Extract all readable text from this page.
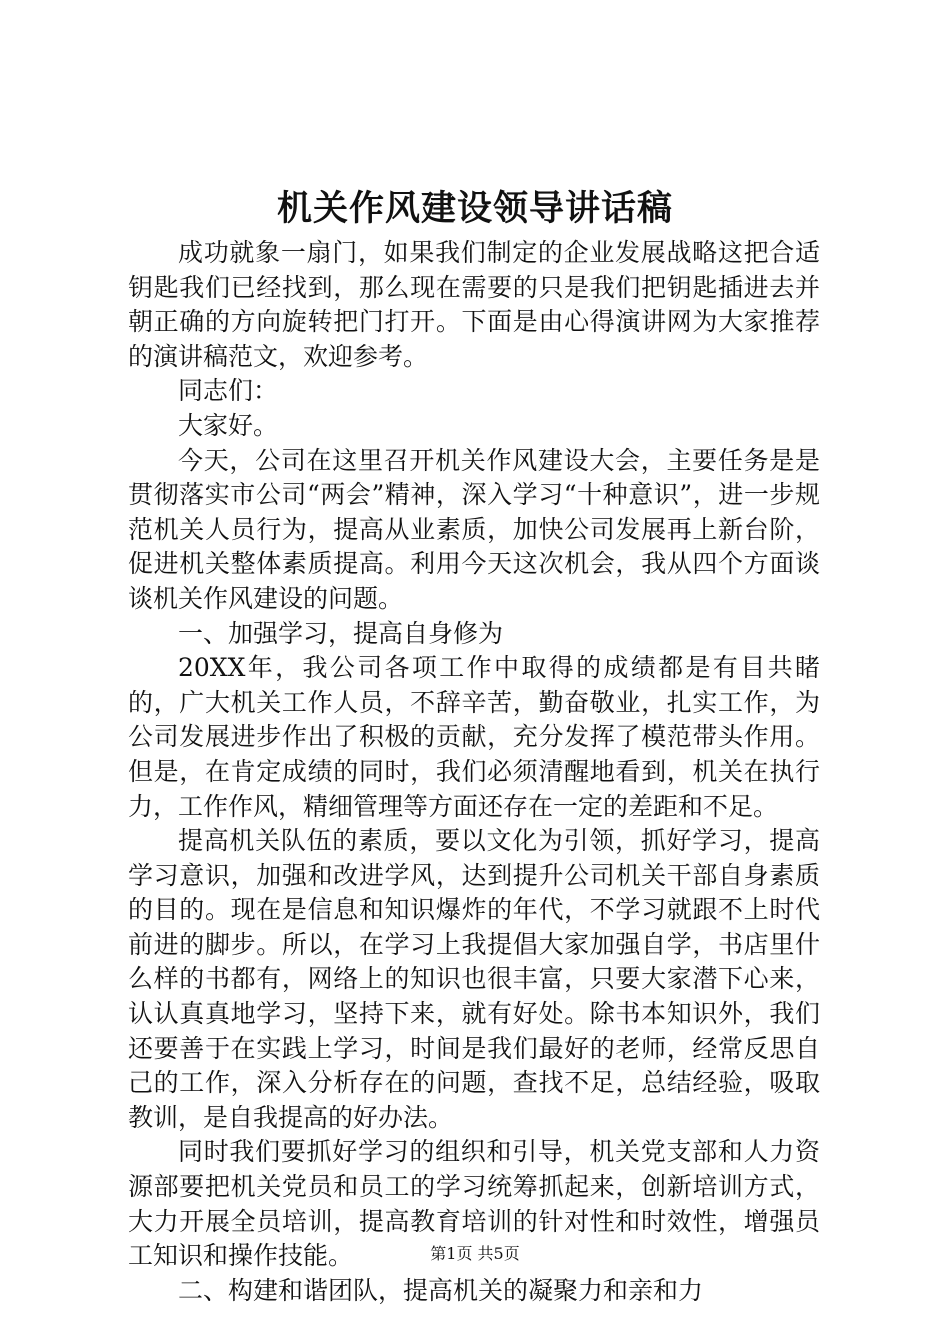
机关作风建设领导讲话稿

成功就象一扇门，如果我们制定的企业发展战略这把合适钥匙我们已经找到，那么现在需要的只是我们把钥匙插进去并朝正确的方向旋转把门打开。下面是由心得演讲网为大家推荐的演讲稿范文，欢迎参考。

同志们：

大家好。

今天，公司在这里召开机关作风建设大会，主要任务是是贯彻落实市公司“两会”精神，深入学习“十种意识”，进一步规范机关人员行为，提高从业素质，加快公司发展再上新台阶，促进机关整体素质提高。利用今天这次机会，我从四个方面谈谈机关作风建设的问题。

一、加强学习，提高自身修为

20XX年，我公司各项工作中取得的成绩都是有目共睹的，广大机关工作人员，不辞辛苦，勤奋敬业，扎实工作，为公司发展进步作出了积极的贡献，充分发挥了模范带头作用。但是，在肯定成绩的同时，我们必须清醒地看到，机关在执行力，工作作风，精细管理等方面还存在一定的差距和不足。

提高机关队伍的素质，要以文化为引领，抓好学习，提高学习意识，加强和改进学风，达到提升公司机关干部自身素质的目的。现在是信息和知识爆炸的年代，不学习就跟不上时代前进的脚步。所以，在学习上我提倡大家加强自学，书店里什么样的书都有，网络上的知识也很丰富，只要大家潜下心来，认认真真地学习，坚持下来，就有好处。除书本知识外，我们还要善于在实践上学习，时间是我们最好的老师，经常反思自己的工作，深入分析存在的问题，查找不足，总结经验，吸取教训，是自我提高的好办法。

同时我们要抓好学习的组织和引导，机关党支部和人力资源部要把机关党员和员工的学习统筹抓起来，创新培训方式，大力开展全员培训，提高教育培训的针对性和时效性，增强员工知识和操作技能。

二、构建和谐团队，提高机关的凝聚力和亲和力

第1页 共5页
